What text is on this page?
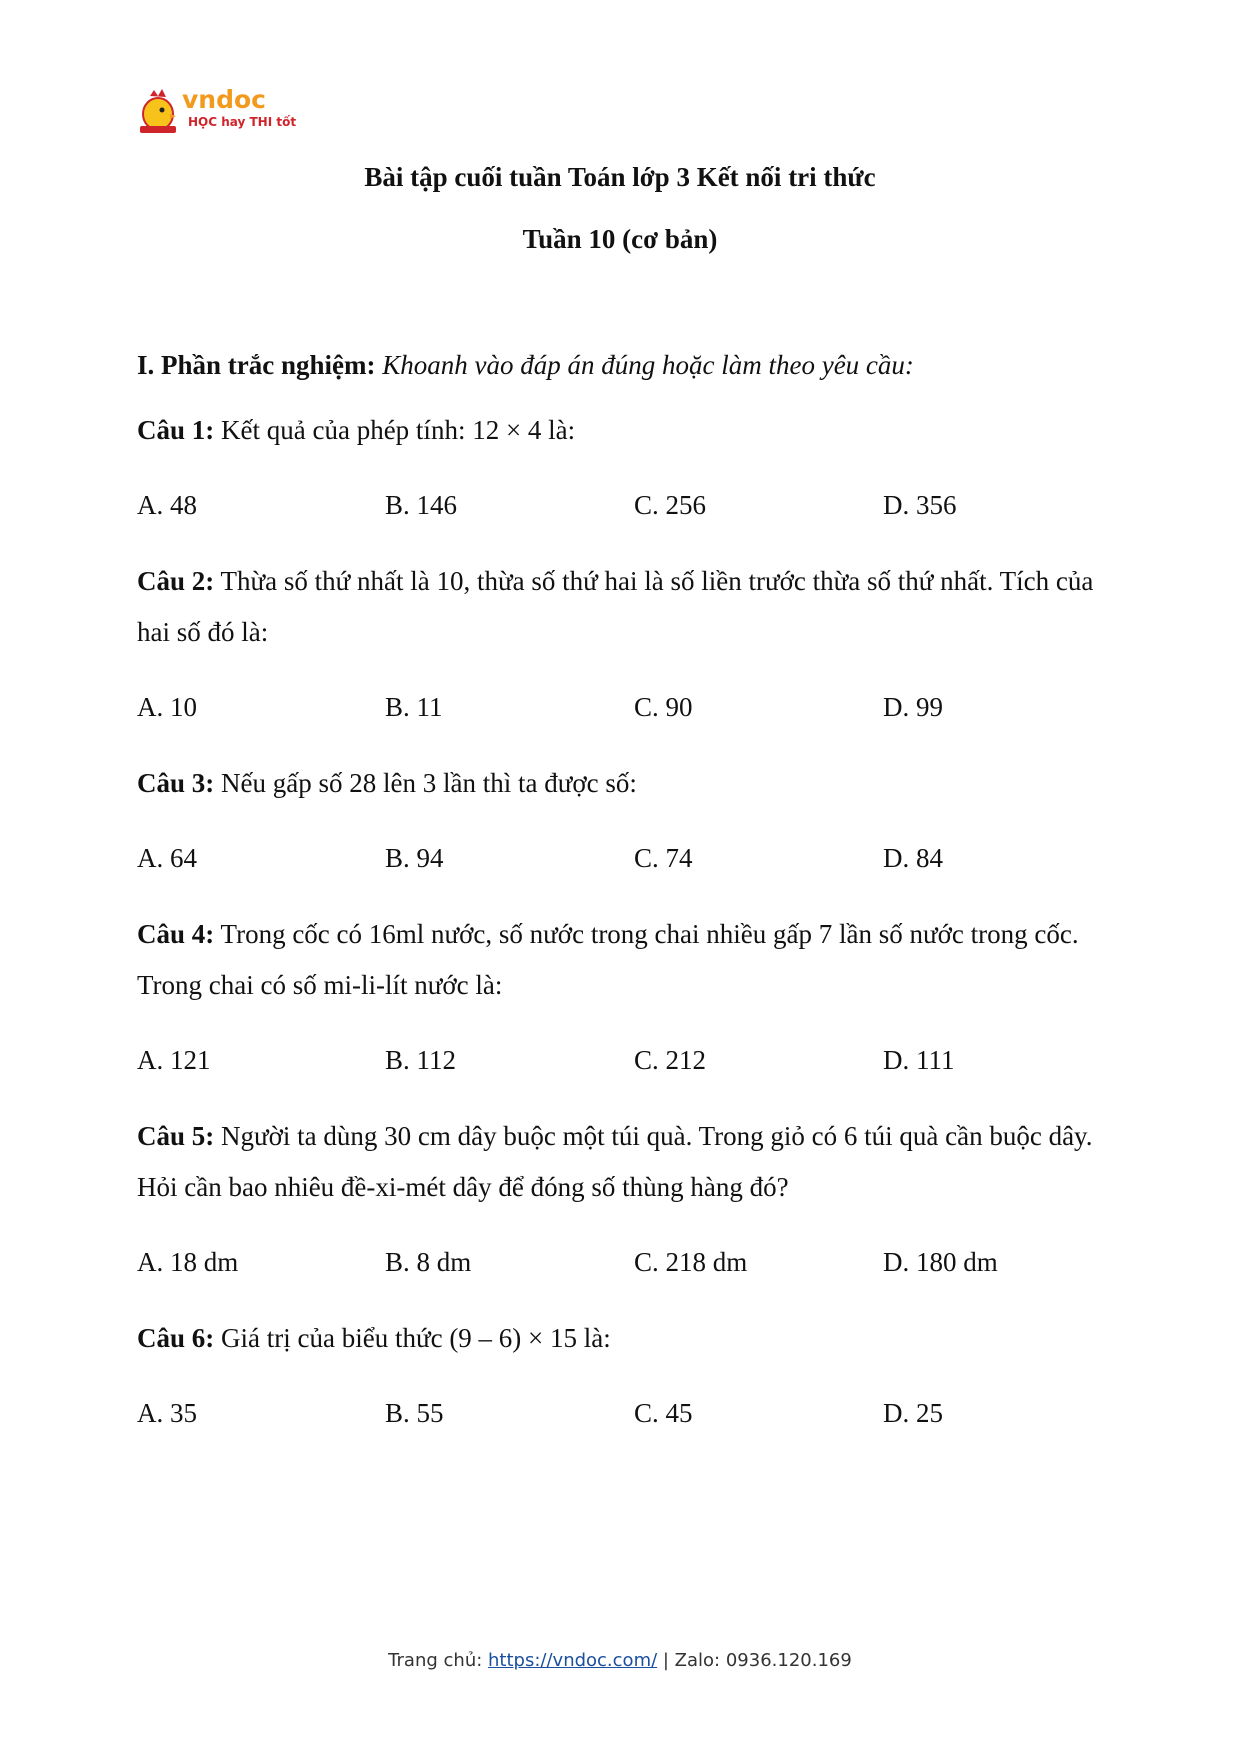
vndoc
HỌC hay THI tốt
Bài tập cuối tuần Toán lớp 3 Kết nối tri thức
Tuần 10 (cơ bản)
I. Phần trắc nghiệm: Khoanh vào đáp án đúng hoặc làm theo yêu cầu:
Câu 1: Kết quả của phép tính: 12 × 4 là:
A. 48	B. 146	C. 256	D. 356
Câu 2: Thừa số thứ nhất là 10, thừa số thứ hai là số liền trước thừa số thứ nhất. Tích của hai số đó là:
A. 10	B. 11	C. 90	D. 99
Câu 3: Nếu gấp số 28 lên 3 lần thì ta được số:
A. 64	B. 94	C. 74	D. 84
Câu 4: Trong cốc có 16ml nước, số nước trong chai nhiều gấp 7 lần số nước trong cốc. Trong chai có số mi-li-lít nước là:
A. 121	B. 112	C. 212	D. 111
Câu 5: Người ta dùng 30 cm dây buộc một túi quà. Trong giỏ có 6 túi quà cần buộc dây. Hỏi cần bao nhiêu đề-xi-mét dây để đóng số thùng hàng đó?
A. 18 dm	B. 8 dm	C. 218 dm	D. 180 dm
Câu 6: Giá trị của biểu thức (9 – 6) × 15 là:
A. 35	B. 55	C. 45	D. 25
Trang chủ: https://vndoc.com/ | Zalo: 0936.120.169
